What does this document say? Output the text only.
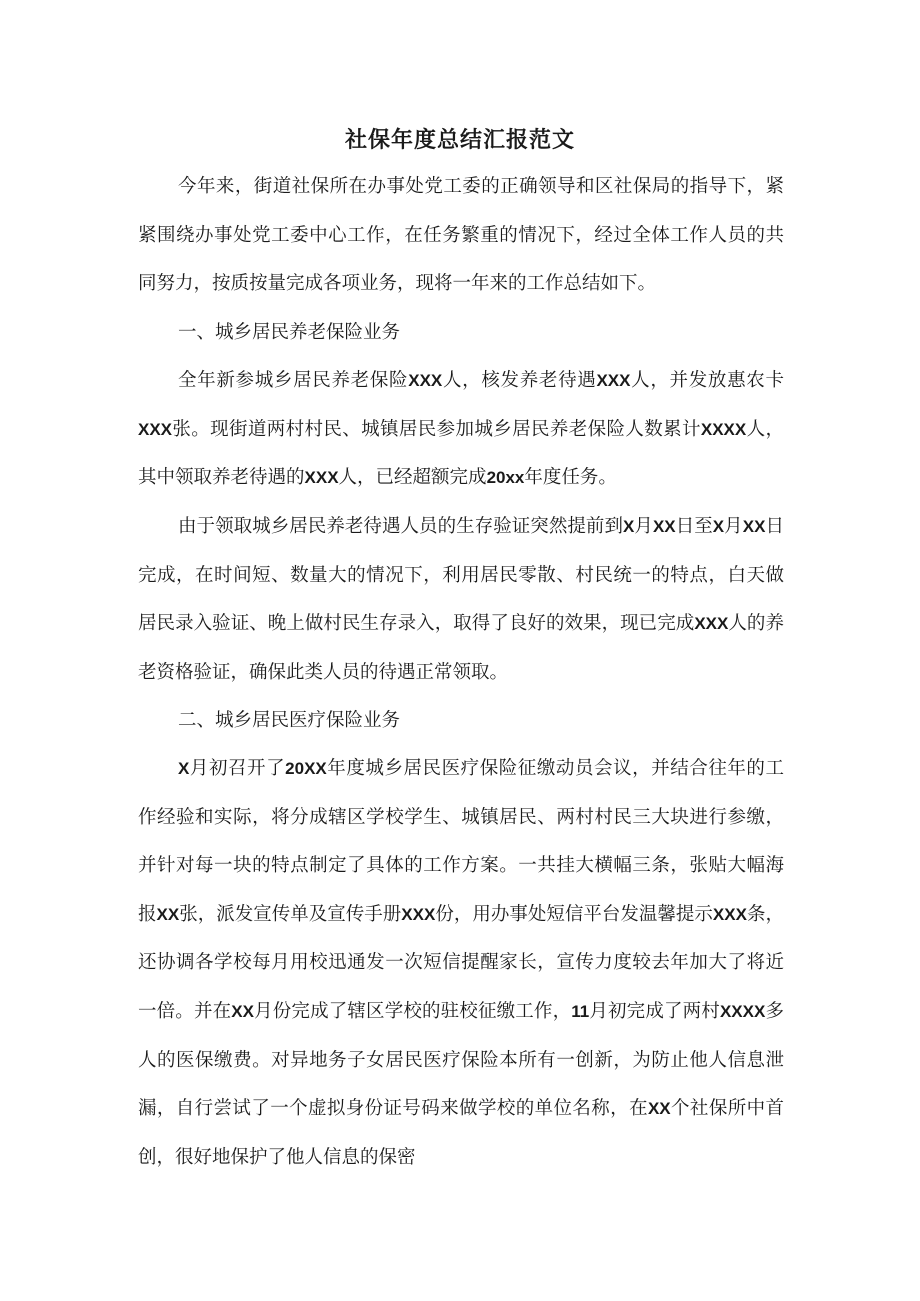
社保年度总结汇报范文

今年来，街道社保所在办事处党工委的正确领导和区社保局的指导下，紧紧围绕办事处党工委中心工作，在任务繁重的情况下，经过全体工作人员的共同努力，按质按量完成各项业务，现将一年来的工作总结如下。

一、城乡居民养老保险业务

全年新参城乡居民养老保险XXX人，核发养老待遇XXX人，并发放惠农卡XXX张。现街道两村村民、城镇居民参加城乡居民养老保险人数累计XXXX人，其中领取养老待遇的XXX人，已经超额完成20xx年度任务。

由于领取城乡居民养老待遇人员的生存验证突然提前到X月XX日至X月XX日完成，在时间短、数量大的情况下，利用居民零散、村民统一的特点，白天做居民录入验证、晚上做村民生存录入，取得了良好的效果，现已完成XXX人的养老资格验证，确保此类人员的待遇正常领取。

二、城乡居民医疗保险业务

X月初召开了20XX年度城乡居民医疗保险征缴动员会议，并结合往年的工作经验和实际，将分成辖区学校学生、城镇居民、两村村民三大块进行参缴，并针对每一块的特点制定了具体的工作方案。一共挂大横幅三条，张贴大幅海报XX张，派发宣传单及宣传手册XXX份，用办事处短信平台发温馨提示XXX条，还协调各学校每月用校迅通发一次短信提醒家长，宣传力度较去年加大了将近一倍。并在XX月份完成了辖区学校的驻校征缴工作，11月初完成了两村XXXX多人的医保缴费。对异地务子女居民医疗保险本所有一创新，为防止他人信息泄漏，自行尝试了一个虚拟身份证号码来做学校的单位名称，在XX个社保所中首创，很好地保护了他人信息的保密
